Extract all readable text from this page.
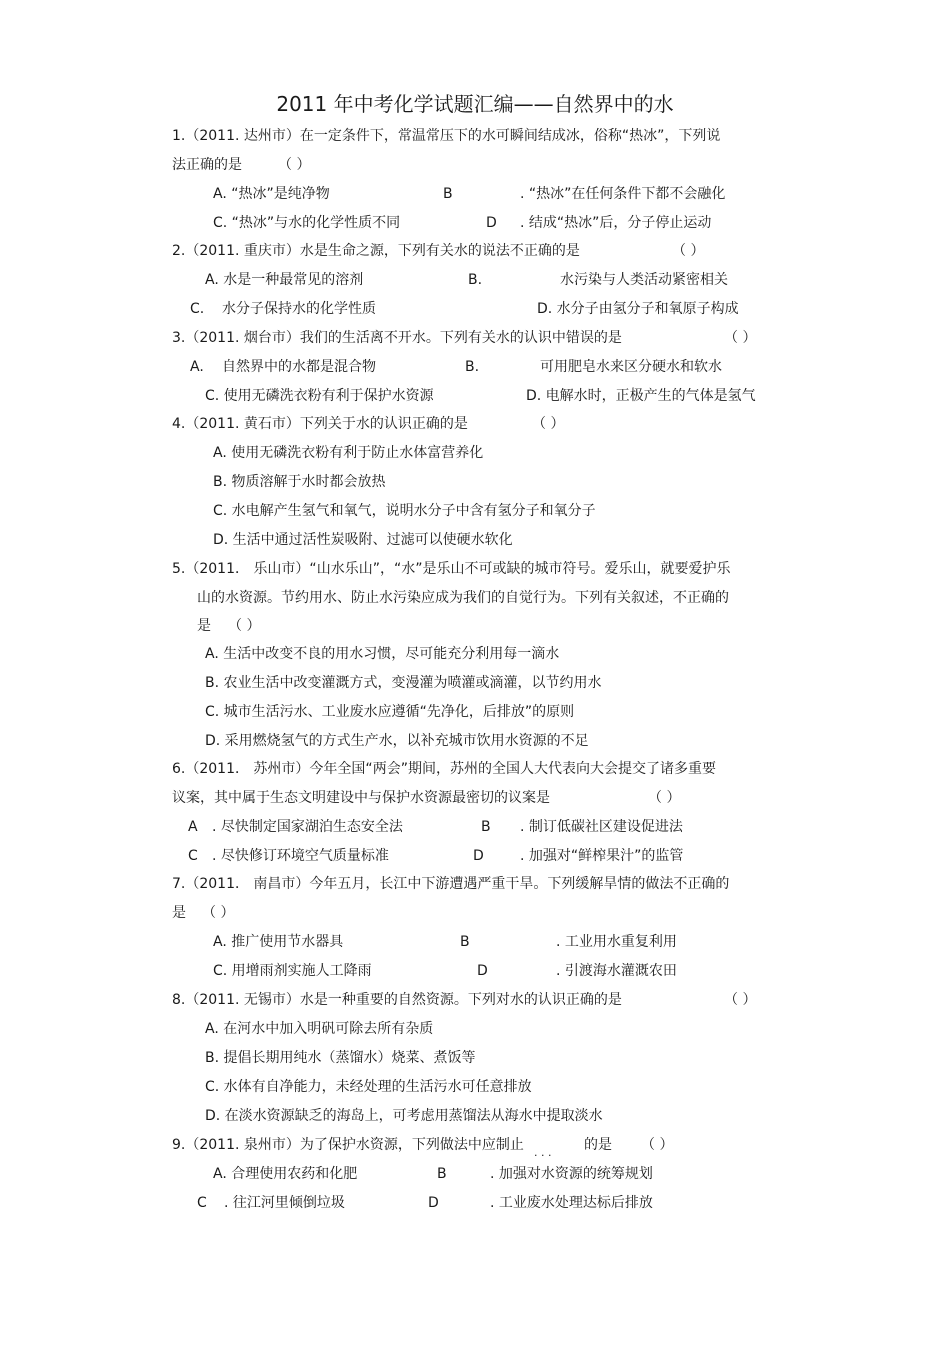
2011 年中考化学试题汇编——自然界中的水
1.（2011. 达州市）在一定条件下，常温常压下的水可瞬间结成冰，俗称“热冰”，下列说
法正确的是	（ ）
A. “热冰”是纯净物	B	. “热冰”在任何条件下都不会融化
C. “热冰”与水的化学性质不同	D . 结成“热冰”后，分子停止运动
2.（2011. 重庆市）水是生命之源，下列有关水的说法不正确的是	（ ）
A. 水是一种最常见的溶剂	B.	水污染与人类活动紧密相关
C. 水分子保持水的化学性质	D. 水分子由氢分子和氧原子构成
3.（2011. 烟台市）我们的生活离不开水。下列有关水的认识中错误的是	（ ）
A. 自然界中的水都是混合物	B.	可用肥皂水来区分硬水和软水
C. 使用无磷洗衣粉有利于保护水资源	D. 电解水时，正极产生的气体是氢气
4.（2011. 黄石市）下列关于水的认识正确的是	（ ）
A. 使用无磷洗衣粉有利于防止水体富营养化
B. 物质溶解于水时都会放热
C. 水电解产生氢气和氧气，说明水分子中含有氢分子和氧分子
D. 生活中通过活性炭吸附、过滤可以使硬水软化
5.（2011． 乐山市）“山水乐山”，“水”是乐山不可或缺的城市符号。爱乐山，就要爱护乐
山的水资源。节约用水、防止水污染应成为我们的自觉行为。下列有关叙述，不正确的
是 （ ）
A. 生活中改变不良的用水习惯，尽可能充分利用每一滴水
B. 农业生活中改变灌溉方式，变漫灌为喷灌或滴灌，以节约用水
C. 城市生活污水、工业废水应遵循“先净化，后排放”的原则
D. 采用燃烧氢气的方式生产水，以补充城市饮用水资源的不足
6.（2011． 苏州市）今年全国“两会”期间，苏州的全国人大代表向大会提交了诸多重要
议案，其中属于生态文明建设中与保护水资源最密切的议案是	（ ）
A . 尽快制定国家湖泊生态安全法	B . 制订低碳社区建设促进法
C . 尽快修订环境空气质量标准	D	. 加强对“鲜榨果汁”的监管
7.（2011． 南昌市）今年五月，长江中下游遭遇严重干旱。下列缓解旱情的做法不正确的
是 （ ）
A. 推广使用节水器具	B	. 工业用水重复利用
C. 用增雨剂实施人工降雨	D	. 引渡海水灌溉农田
8.（2011. 无锡市）水是一种重要的自然资源。下列对水的认识正确的是	（ ）
A. 在河水中加入明矾可除去所有杂质
B. 提倡长期用纯水（蒸馏水）烧菜、煮饭等
C. 水体有自净能力，未经处理的生活污水可任意排放
D. 在淡水资源缺乏的海岛上，可考虑用蒸馏法从海水中提取淡水
9.（2011. 泉州市）为了保护水资源，下列做法中应制止 . . . 的是 （ ）
A. 合理使用农药和化肥	B	. 加强对水资源的统筹规划
C . 往江河里倾倒垃圾	D	. 工业废水处理达标后排放
